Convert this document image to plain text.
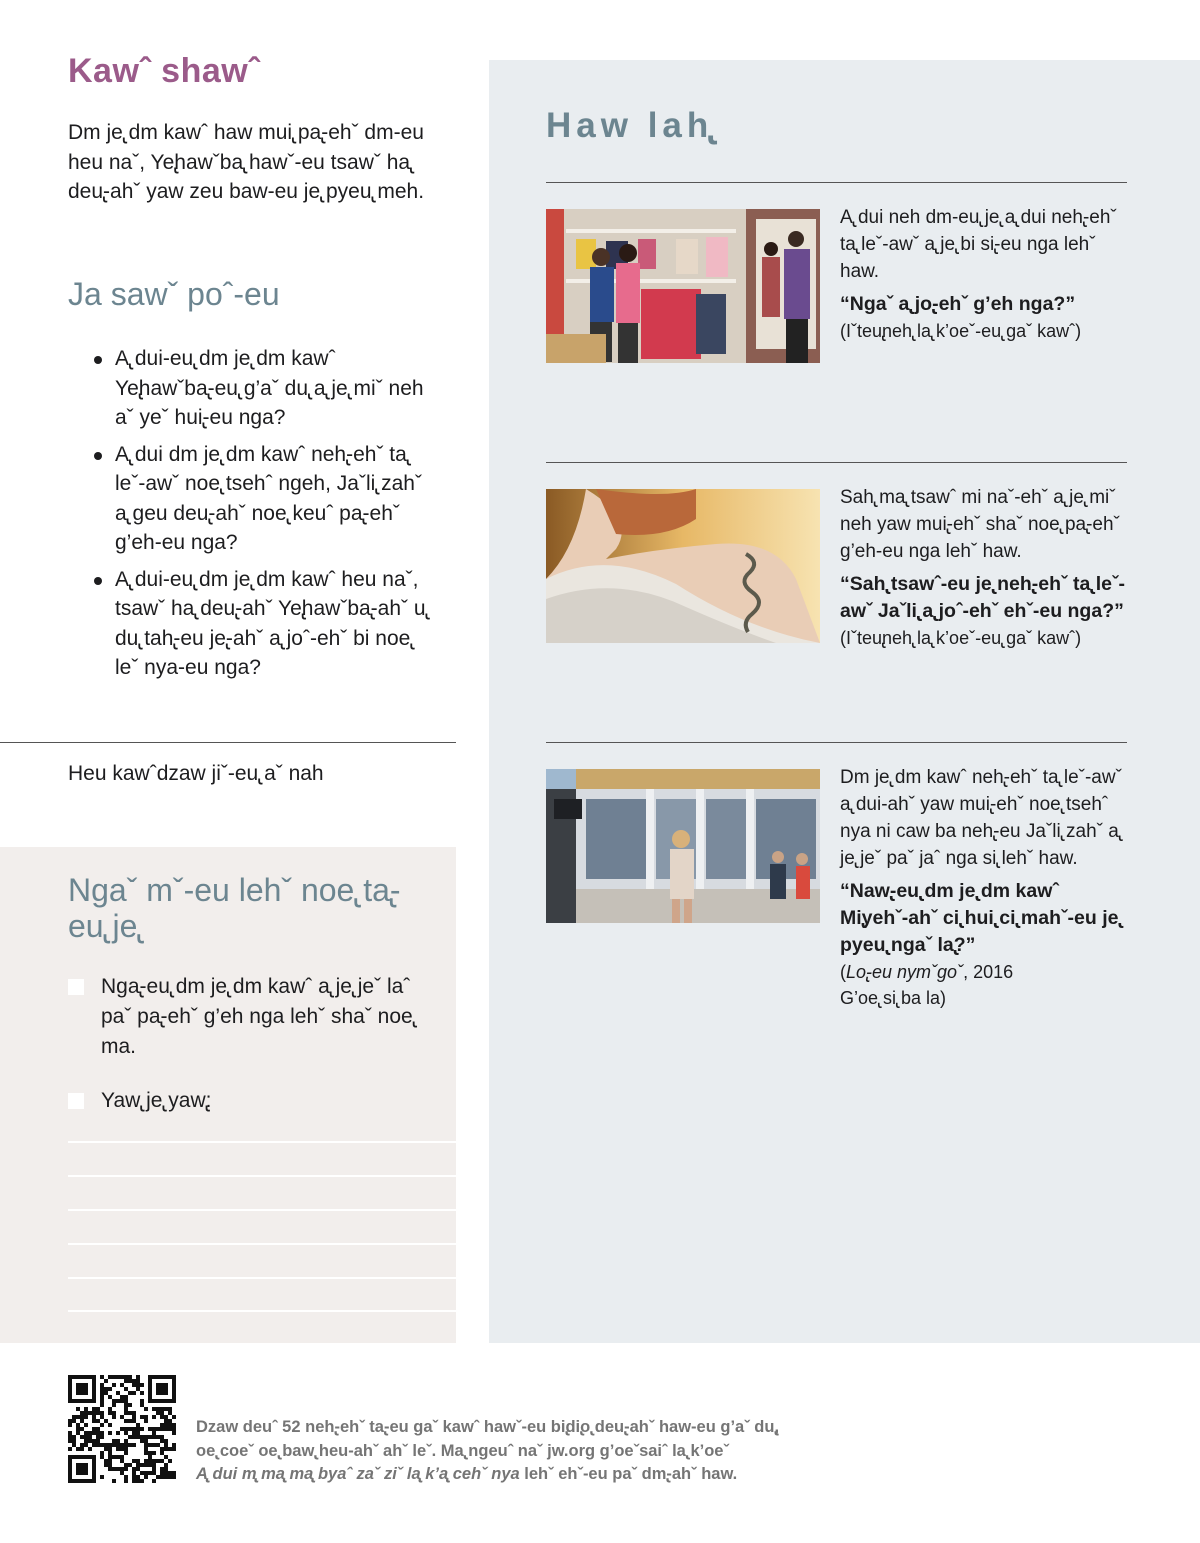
Kawˆ shawˆ

Dm je̢ dm kawˆ haw mui̢ pa̢-ehˇ dm-eu heu naˇ, Ye̢hawˇba̢ hawˇ-eu tsawˇ ha̢ deu̢-ahˇ yaw zeu baw-eu je̢ pyeu̢ meh.

Ja sawˇ poˆ-eu
A̢ dui-eu̢ dm je̢ dm kawˆ Ye̢hawˇba̢-eu̢ g’aˇ du̢ a̢ je̢ miˇ neh aˇ yeˇ hui̢-eu nga?
A̢ dui dm je̢ dm kawˆ neh̢-ehˇ ta̢ leˇ-awˇ noe̢ tsehˆ ngeh, Jaˇli̢ zahˇ a̢ geu deu̢-ahˇ noe̢ keuˆ pa̢-ehˇ g’eh-eu nga?
A̢ dui-eu̢ dm je̢ dm kawˆ heu naˇ, tsawˇ ha̢ deu̢-ahˇ Ye̢hawˇba̢-ahˇ u̢ du̢ tah̢-eu je̢-ahˇ a̢ joˆ-ehˇ bi noe̢ leˇ nya-eu nga?

Heu kawˆdzaw jiˇ-eu̢ aˇ nah

Ngaˇ mˇ-eu lehˇ noe̢ ta̢-eu̢ je̢

Nga̢-eu̢ dm je̢ dm kawˆ a̢ je̢ jeˇ laˆ paˇ pa̢-ehˇ g’eh nga lehˇ shaˇ noe̢ ma.

Yaw̢ je̢ yaw̢:

Haw lah̢

A̢ dui neh dm-eu̢ je̢ a̢ dui neh̢-ehˇ ta̢ leˇ-awˇ a̢ je̢ bi si̢-eu nga lehˇ haw.
“Ngaˇ a̢ jo̢-ehˇ g’eh nga?”
(Iˇteu̢neh̢ la̢ k’oeˇ-eu̢ gaˇ kawˆ)

Sah̢ ma̢ tsawˆ mi naˇ-ehˇ a̢ je̢ miˇ neh yaw mui̢-ehˇ shaˇ noe̢ pa̢-ehˇ g’eh-eu nga lehˇ haw.
“Sah̢ tsawˆ-eu je̢ neh̢-ehˇ ta̢ leˇ-awˇ Jaˇli̢ a̢ joˆ-ehˇ ehˇ-eu nga?”
(Iˇteu̢neh̢ la̢ k’oeˇ-eu̢ gaˇ kawˆ)

Dm je̢ dm kawˆ neh̢-ehˇ ta̢ leˇ-awˇ a̢ dui-ahˇ yaw mui̢-ehˇ noe̢ tsehˆ nya ni caw ba neh̢-eu Jaˇli̢ zahˇ a̢ je̢ jeˇ paˇ jaˆ nga si̢ lehˇ haw.
“Naw̢-eu̢ dm je̢ dm kawˆ Mi̢yehˇ-ahˇ ci̢ hui̢ ci̢ mahˇ-eu je̢ pyeu̢ ngaˇ la̢?”
(Lo̢-eu nymˇgoˇ, 2016
G’oe̢ si̢ ba la)

Dzaw deuˆ 52 neh̢-ehˇ ta̢-eu gaˇ kawˆ hawˇ-eu bi̢di̢o̢ deu̢-ahˇ haw-eu g’aˇ du̢,
oe̢ coeˇ oe̢ baw̢ heu-ahˇ ahˇ leˇ. Ma̢ ngeuˆ naˇ jw.org g’oeˇsaiˆ la̢ k’oeˇ
A̢ dui m̢ ma̢ ma̢ byaˆ zaˇ ziˇ la̢ k’a̢ cehˇ nya lehˇ ehˇ-eu paˇ dm̢-ahˇ haw.
